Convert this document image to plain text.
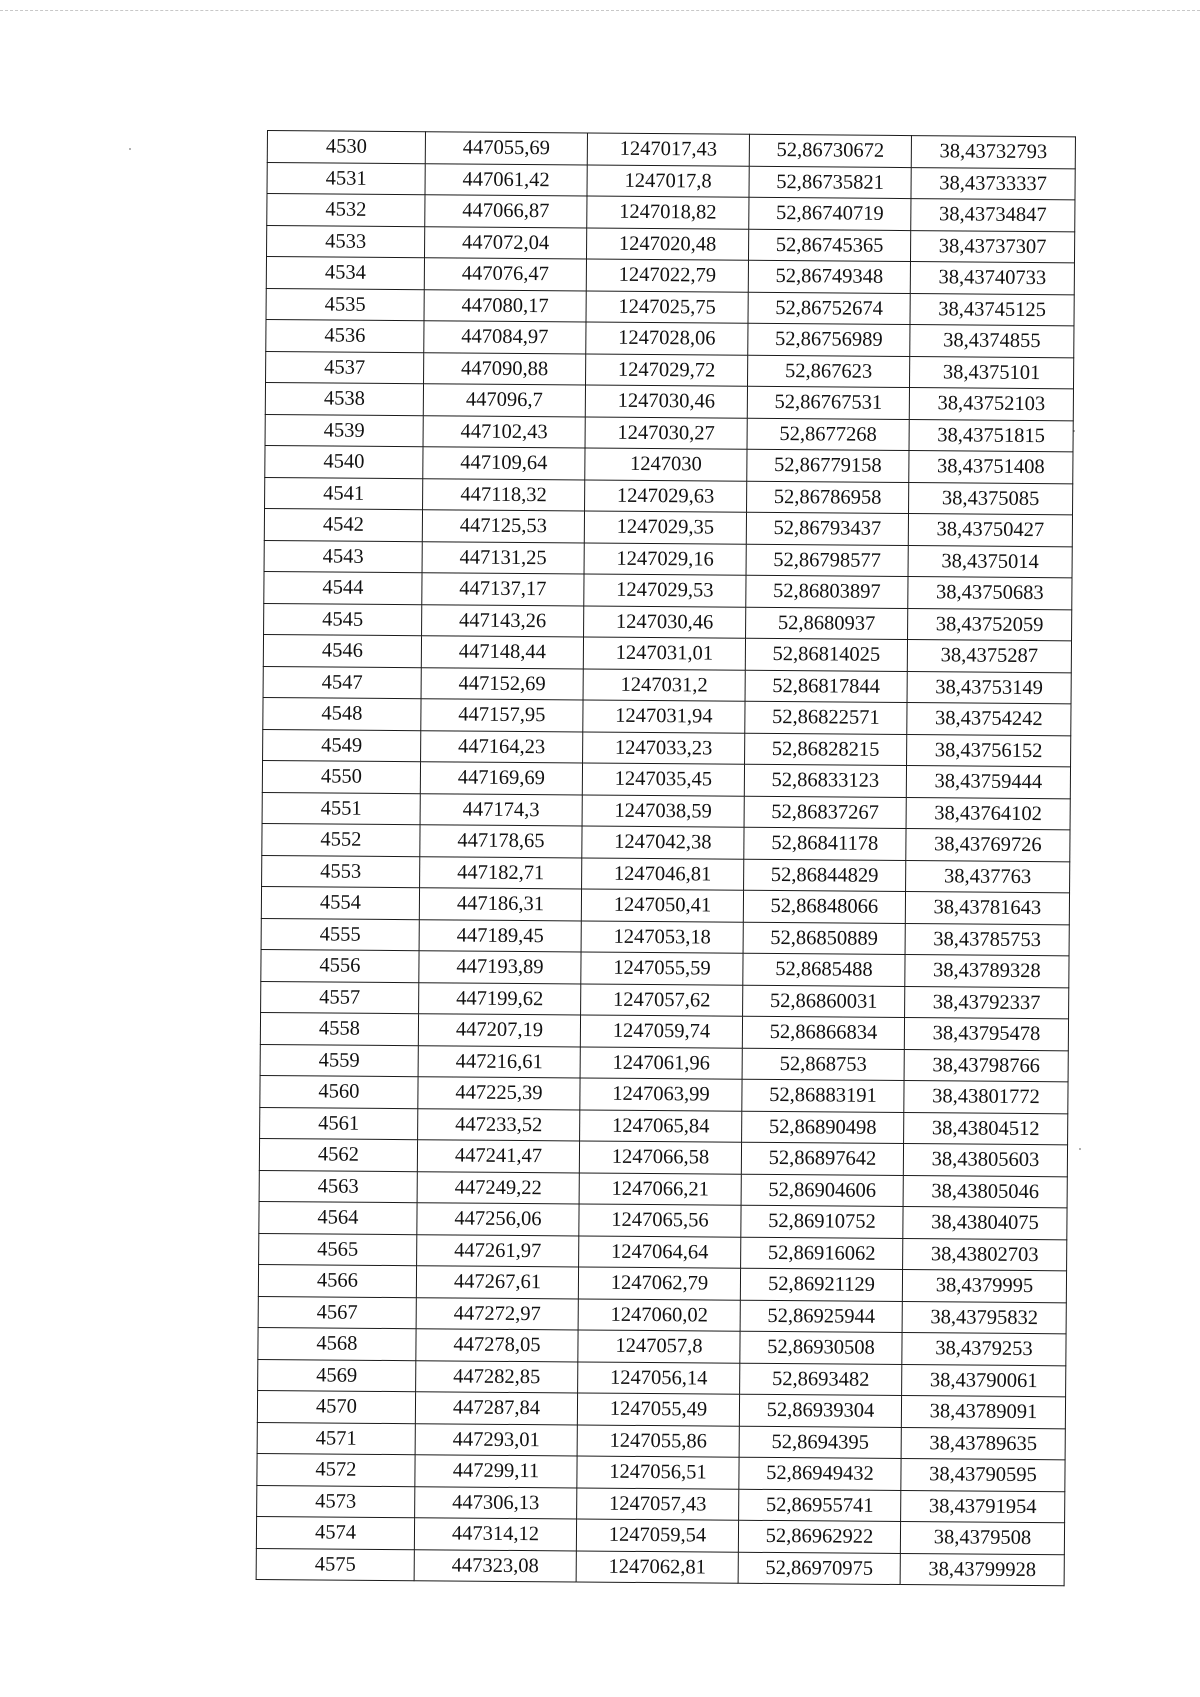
4530	447055,69	1247017,43	52,86730672	38,43732793
4531	447061,42	1247017,8	52,86735821	38,43733337
4532	447066,87	1247018,82	52,86740719	38,43734847
4533	447072,04	1247020,48	52,86745365	38,43737307
4534	447076,47	1247022,79	52,86749348	38,43740733
4535	447080,17	1247025,75	52,86752674	38,43745125
4536	447084,97	1247028,06	52,86756989	38,4374855
4537	447090,88	1247029,72	52,867623	38,4375101
4538	447096,7	1247030,46	52,86767531	38,43752103
4539	447102,43	1247030,27	52,8677268	38,43751815
4540	447109,64	1247030	52,86779158	38,43751408
4541	447118,32	1247029,63	52,86786958	38,4375085
4542	447125,53	1247029,35	52,86793437	38,43750427
4543	447131,25	1247029,16	52,86798577	38,4375014
4544	447137,17	1247029,53	52,86803897	38,43750683
4545	447143,26	1247030,46	52,8680937	38,43752059
4546	447148,44	1247031,01	52,86814025	38,4375287
4547	447152,69	1247031,2	52,86817844	38,43753149
4548	447157,95	1247031,94	52,86822571	38,43754242
4549	447164,23	1247033,23	52,86828215	38,43756152
4550	447169,69	1247035,45	52,86833123	38,43759444
4551	447174,3	1247038,59	52,86837267	38,43764102
4552	447178,65	1247042,38	52,86841178	38,43769726
4553	447182,71	1247046,81	52,86844829	38,437763
4554	447186,31	1247050,41	52,86848066	38,43781643
4555	447189,45	1247053,18	52,86850889	38,43785753
4556	447193,89	1247055,59	52,8685488	38,43789328
4557	447199,62	1247057,62	52,86860031	38,43792337
4558	447207,19	1247059,74	52,86866834	38,43795478
4559	447216,61	1247061,96	52,868753	38,43798766
4560	447225,39	1247063,99	52,86883191	38,43801772
4561	447233,52	1247065,84	52,86890498	38,43804512
4562	447241,47	1247066,58	52,86897642	38,43805603
4563	447249,22	1247066,21	52,86904606	38,43805046
4564	447256,06	1247065,56	52,86910752	38,43804075
4565	447261,97	1247064,64	52,86916062	38,43802703
4566	447267,61	1247062,79	52,86921129	38,4379995
4567	447272,97	1247060,02	52,86925944	38,43795832
4568	447278,05	1247057,8	52,86930508	38,4379253
4569	447282,85	1247056,14	52,8693482	38,43790061
4570	447287,84	1247055,49	52,86939304	38,43789091
4571	447293,01	1247055,86	52,8694395	38,43789635
4572	447299,11	1247056,51	52,86949432	38,43790595
4573	447306,13	1247057,43	52,86955741	38,43791954
4574	447314,12	1247059,54	52,86962922	38,4379508
4575	447323,08	1247062,81	52,86970975	38,43799928
